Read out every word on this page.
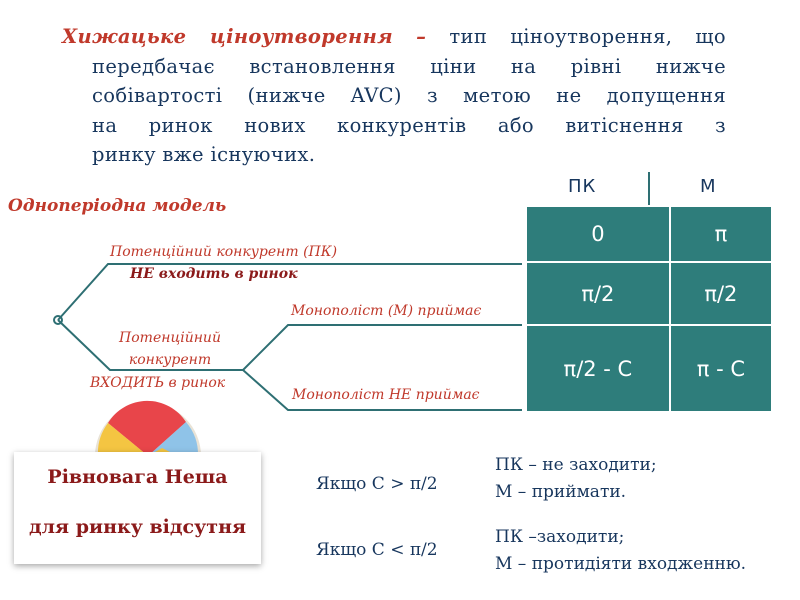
Хижацьке ціноутворення – тип ціноутворення, що
передбачає встановлення ціни на рівні нижче
собівартості (нижче AVC) з метою не допущення
на ринок нових конкурентів або витіснення з
ринку вже існуючих.
Одноперіодна модель
Потенційний конкурент (ПК)
НЕ входить в ринок
Потенційний
конкурент
ВХОДИТЬ в ринок
Монополіст (М) приймає
Монополіст НЕ приймає
ПК	М
0	π
π/2	π/2
π/2 - C	π - C
Рівновага Неша
для ринку відсутня
Якщо C > π/2
ПК – не заходити;
М – приймати.
Якщо C < π/2
ПК –заходити;
М – протидіяти входженню.
